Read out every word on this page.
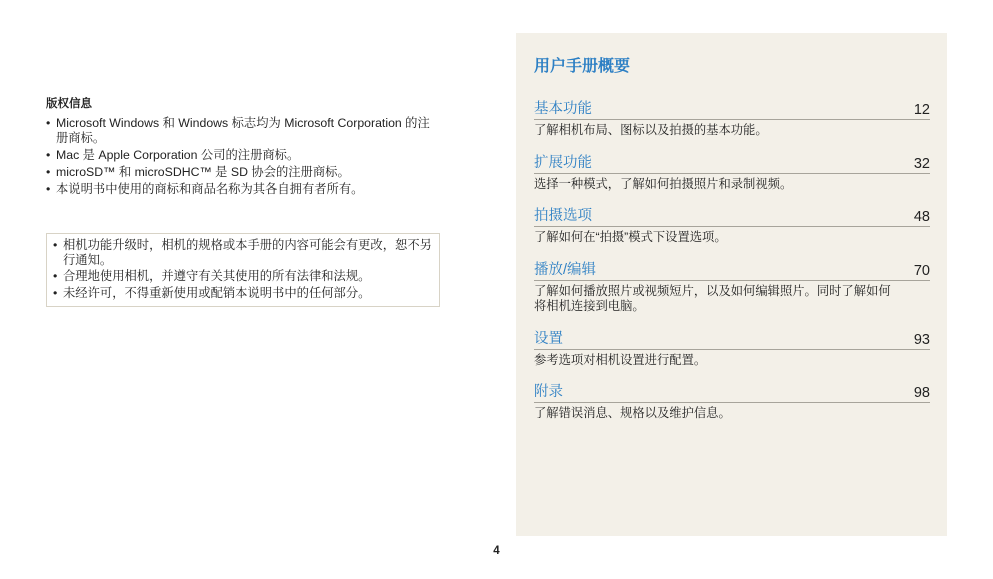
版权信息
• Microsoft Windows 和 Windows 标志均为 Microsoft Corporation 的注册商标。
• Mac 是 Apple Corporation 公司的注册商标。
• microSD™ 和 microSDHC™ 是 SD 协会的注册商标。
• 本说明书中使用的商标和商品名称为其各自拥有者所有。
• 相机功能升级时，相机的规格或本手册的内容可能会有更改，恕不另行通知。
• 合理地使用相机，并遵守有关其使用的所有法律和法规。
• 未经许可，不得重新使用或配销本说明书中的任何部分。
用户手册概要
基本功能	12
了解相机布局、图标以及拍摄的基本功能。
扩展功能	32
选择一种模式，了解如何拍摄照片和录制视频。
拍摄选项	48
了解如何在“拍摄”模式下设置选项。
播放/编辑	70
了解如何播放照片或视频短片，以及如何编辑照片。同时了解如何
将相机连接到电脑。
设置	93
参考选项对相机设置进行配置。
附录	98
了解错误消息、规格以及维护信息。
4
